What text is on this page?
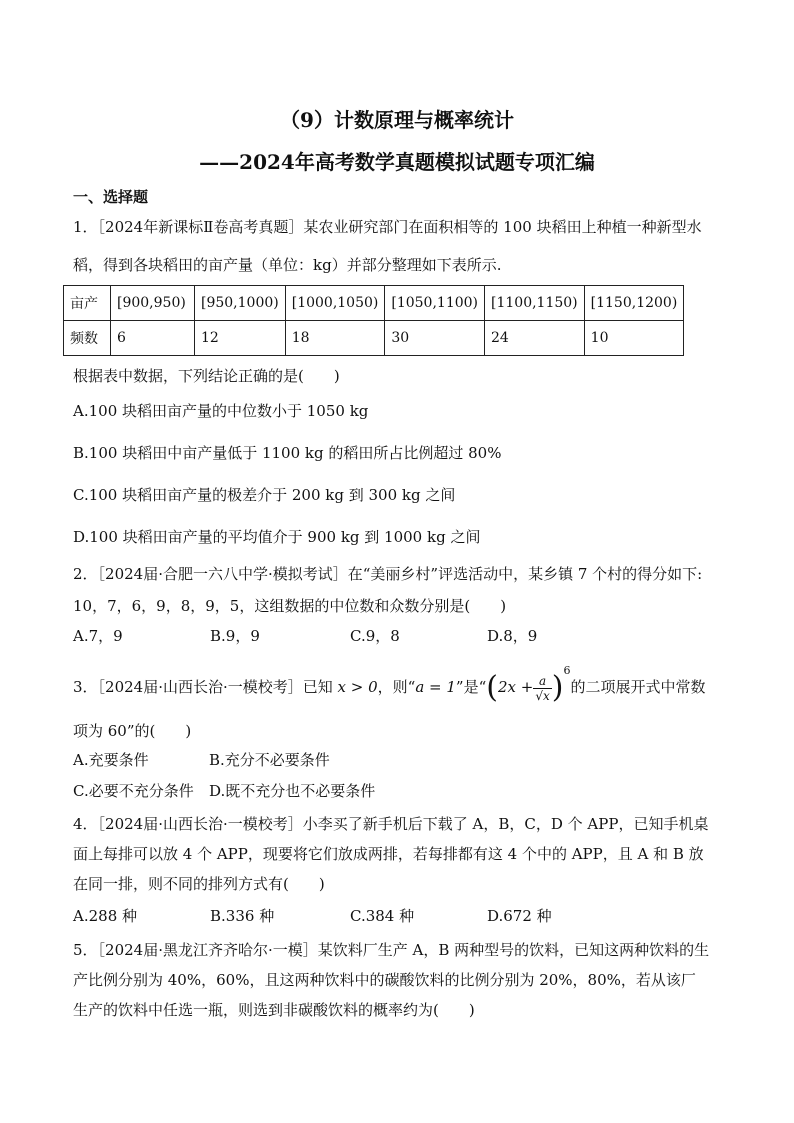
（9）计数原理与概率统计
——2024年高考数学真题模拟试题专项汇编
一、选择题
1．［2024年新课标Ⅱ卷高考真题］某农业研究部门在面积相等的 100 块稻田上种植一种新型水
稻，得到各块稻田的亩产量（单位：kg）并部分整理如下表所示.
亩产	[900,950)	[950,1000)	[1000,1050)	[1050,1100)	[1100,1150)	[1150,1200)
频数	6	12	18	30	24	10
根据表中数据，下列结论正确的是(　　)
A.100 块稻田亩产量的中位数小于 1050 kg
B.100 块稻田中亩产量低于 1100 kg 的稻田所占比例超过 80%
C.100 块稻田亩产量的极差介于 200 kg 到 300 kg 之间
D.100 块稻田亩产量的平均值介于 900 kg 到 1000 kg 之间
2．［2024届·合肥一六八中学·模拟考试］在“美丽乡村”评选活动中，某乡镇 7 个村的得分如下:
10，7，6，9，8，9，5，这组数据的中位数和众数分别是(　　)
A.7，9	B.9，9	C.9，8	D.8，9
3．［2024届·山西长治·一模校考］已知 x > 0，则“a = 1”是“$(2x + \frac{a}{√x} )^6$的二项展开式中常数
项为 60”的(　　)
A.充要条件	B.充分不必要条件
C.必要不充分条件 D.既不充分也不必要条件
4．［2024届·山西长治·一模校考］小李买了新手机后下载了 A，B，C，D 个 APP，已知手机桌
面上每排可以放 4 个 APP，现要将它们放成两排，若每排都有这 4 个中的 APP，且 A 和 B 放
在同一排，则不同的排列方式有(　　)
A.288 种	B.336 种	C.384 种	D.672 种
5．［2024届·黑龙江齐齐哈尔·一模］某饮料厂生产 A，B 两种型号的饮料，已知这两种饮料的生
产比例分别为 40%，60%，且这两种饮料中的碳酸饮料的比例分别为 20%，80%，若从该厂
生产的饮料中任选一瓶，则选到非碳酸饮料的概率约为(　　)
